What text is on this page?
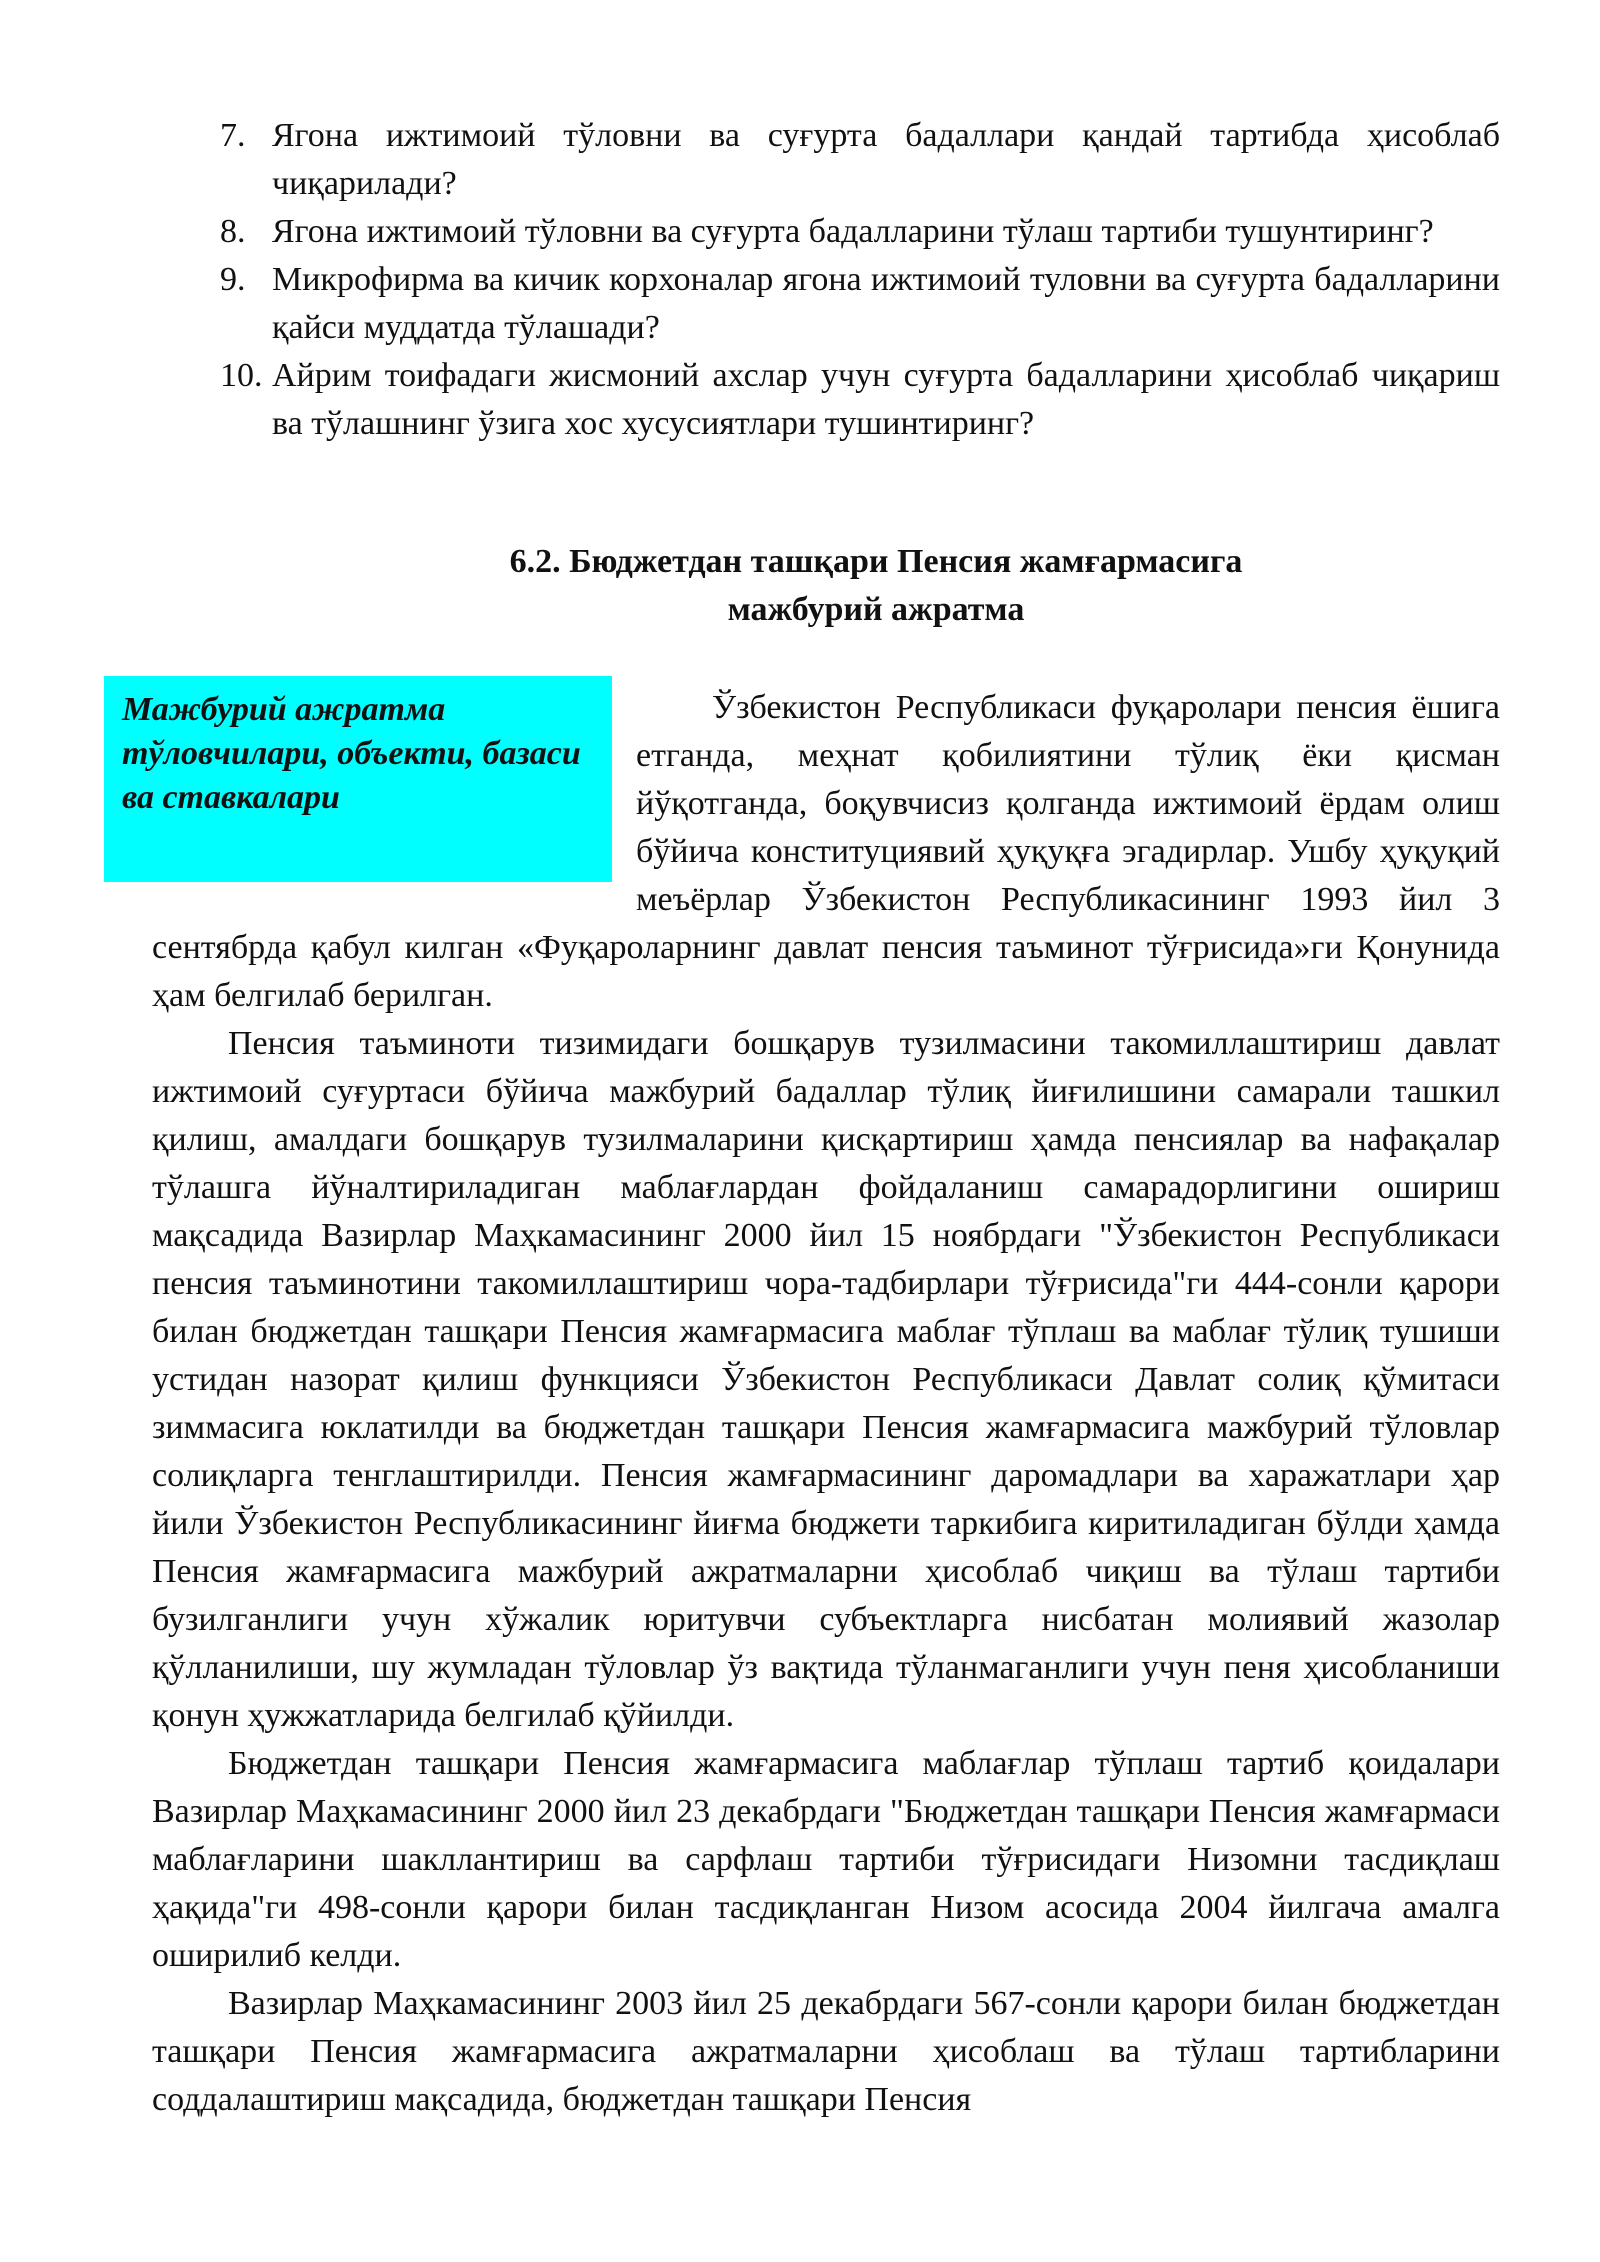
7. Ягона ижтимоий тўловни ва суғурта бадаллари қандай тартибда ҳисоблаб чиқарилади?
8. Ягона ижтимоий тўловни ва суғурта бадалларини тўлаш тартиби тушунтиринг?
9. Микрофирма ва кичик корхоналар ягона ижтимоий туловни ва суғурта бадалларини қайси муддатда тўлашади?
10. Айрим тоифадаги жисмоний ахслар учун суғурта бадалларини ҳисоблаб чиқариш ва тўлашнинг ўзига хос хусусиятлари тушинтиринг?
6.2. Бюджетдан ташқари Пенсия жамғармасига
мажбурий ажратма
Мажбурий ажратма тўловчилари, объекти, базаси ва ставкалари

Ўзбекистон Республикаси фуқаролари пенсия ёшига етганда, меҳнат қобилиятини тўлиқ ёки қисман йўқотганда, боқувчисиз қолганда ижтимоий ёрдам олиш бўйича конституциявий ҳуқуқға эгадирлар. Ушбу ҳуқуқий меъёрлар Ўзбекистон Республикасининг 1993 йил 3 сентябрда қабул килган «Фуқароларнинг давлат пенсия таъминот тўғрисида»ги Қонунида ҳам белгилаб берилган.

Пенсия таъминоти тизимидаги бошқарув тузилмасини такомиллаштириш давлат ижтимоий суғуртаси бўйича мажбурий бадаллар тўлиқ йиғилишини самарали ташкил қилиш, амалдаги бошқарув тузилмаларини қисқартириш ҳамда пенсиялар ва нафақалар тўлашга йўналтириладиган маблағлардан фойдаланиш самарадорлигини ошириш мақсадида Вазирлар Маҳкамасининг 2000 йил 15 ноябрдаги "Ўзбекистон Республикаси пенсия таъминотини такомиллаштириш чора-тадбирлари тўғрисида"ги 444-сонли қарори билан бюджетдан ташқари Пенсия жамғармасига маблағ тўплаш ва маблағ тўлиқ тушиши устидан назорат қилиш функцияси Ўзбекистон Республикаси Давлат солиқ қўмитаси зиммасига юклатилди ва бюджетдан ташқари Пенсия жамғармасига мажбурий тўловлар солиқларга тенглаштирилди. Пенсия жамғармасининг даромадлари ва харажатлари ҳар йили Ўзбекистон Республикасининг йиғма бюджети таркибига киритиладиган бўлди ҳамда Пенсия жамғармасига мажбурий ажратмаларни ҳисоблаб чиқиш ва тўлаш тартиби бузилганлиги учун хўжалик юритувчи субъектларга нисбатан молиявий жазолар қўлланилиши, шу жумладан тўловлар ўз вақтида тўланмаганлиги учун пеня ҳисобланиши қонун ҳужжатларида белгилаб қўйилди.

Бюджетдан ташқари Пенсия жамғармасига маблағлар тўплаш тартиб қоидалари Вазирлар Маҳкамасининг 2000 йил 23 декабрдаги "Бюджетдан ташқари Пенсия жамғармаси маблағларини шакллантириш ва сарфлаш тартиби тўғрисидаги Низомни тасдиқлаш ҳақида"ги 498-сонли қарори билан тасдиқланган Низом асосида 2004 йилгача амалга оширилиб келди.

Вазирлар Маҳкамасининг 2003 йил 25 декабрдаги 567-сонли қарори билан бюджетдан ташқари Пенсия жамғармасига ажратмаларни ҳисоблаш ва тўлаш тартибларини соддалаштириш мақсадида, бюджетдан ташқари Пенсия
